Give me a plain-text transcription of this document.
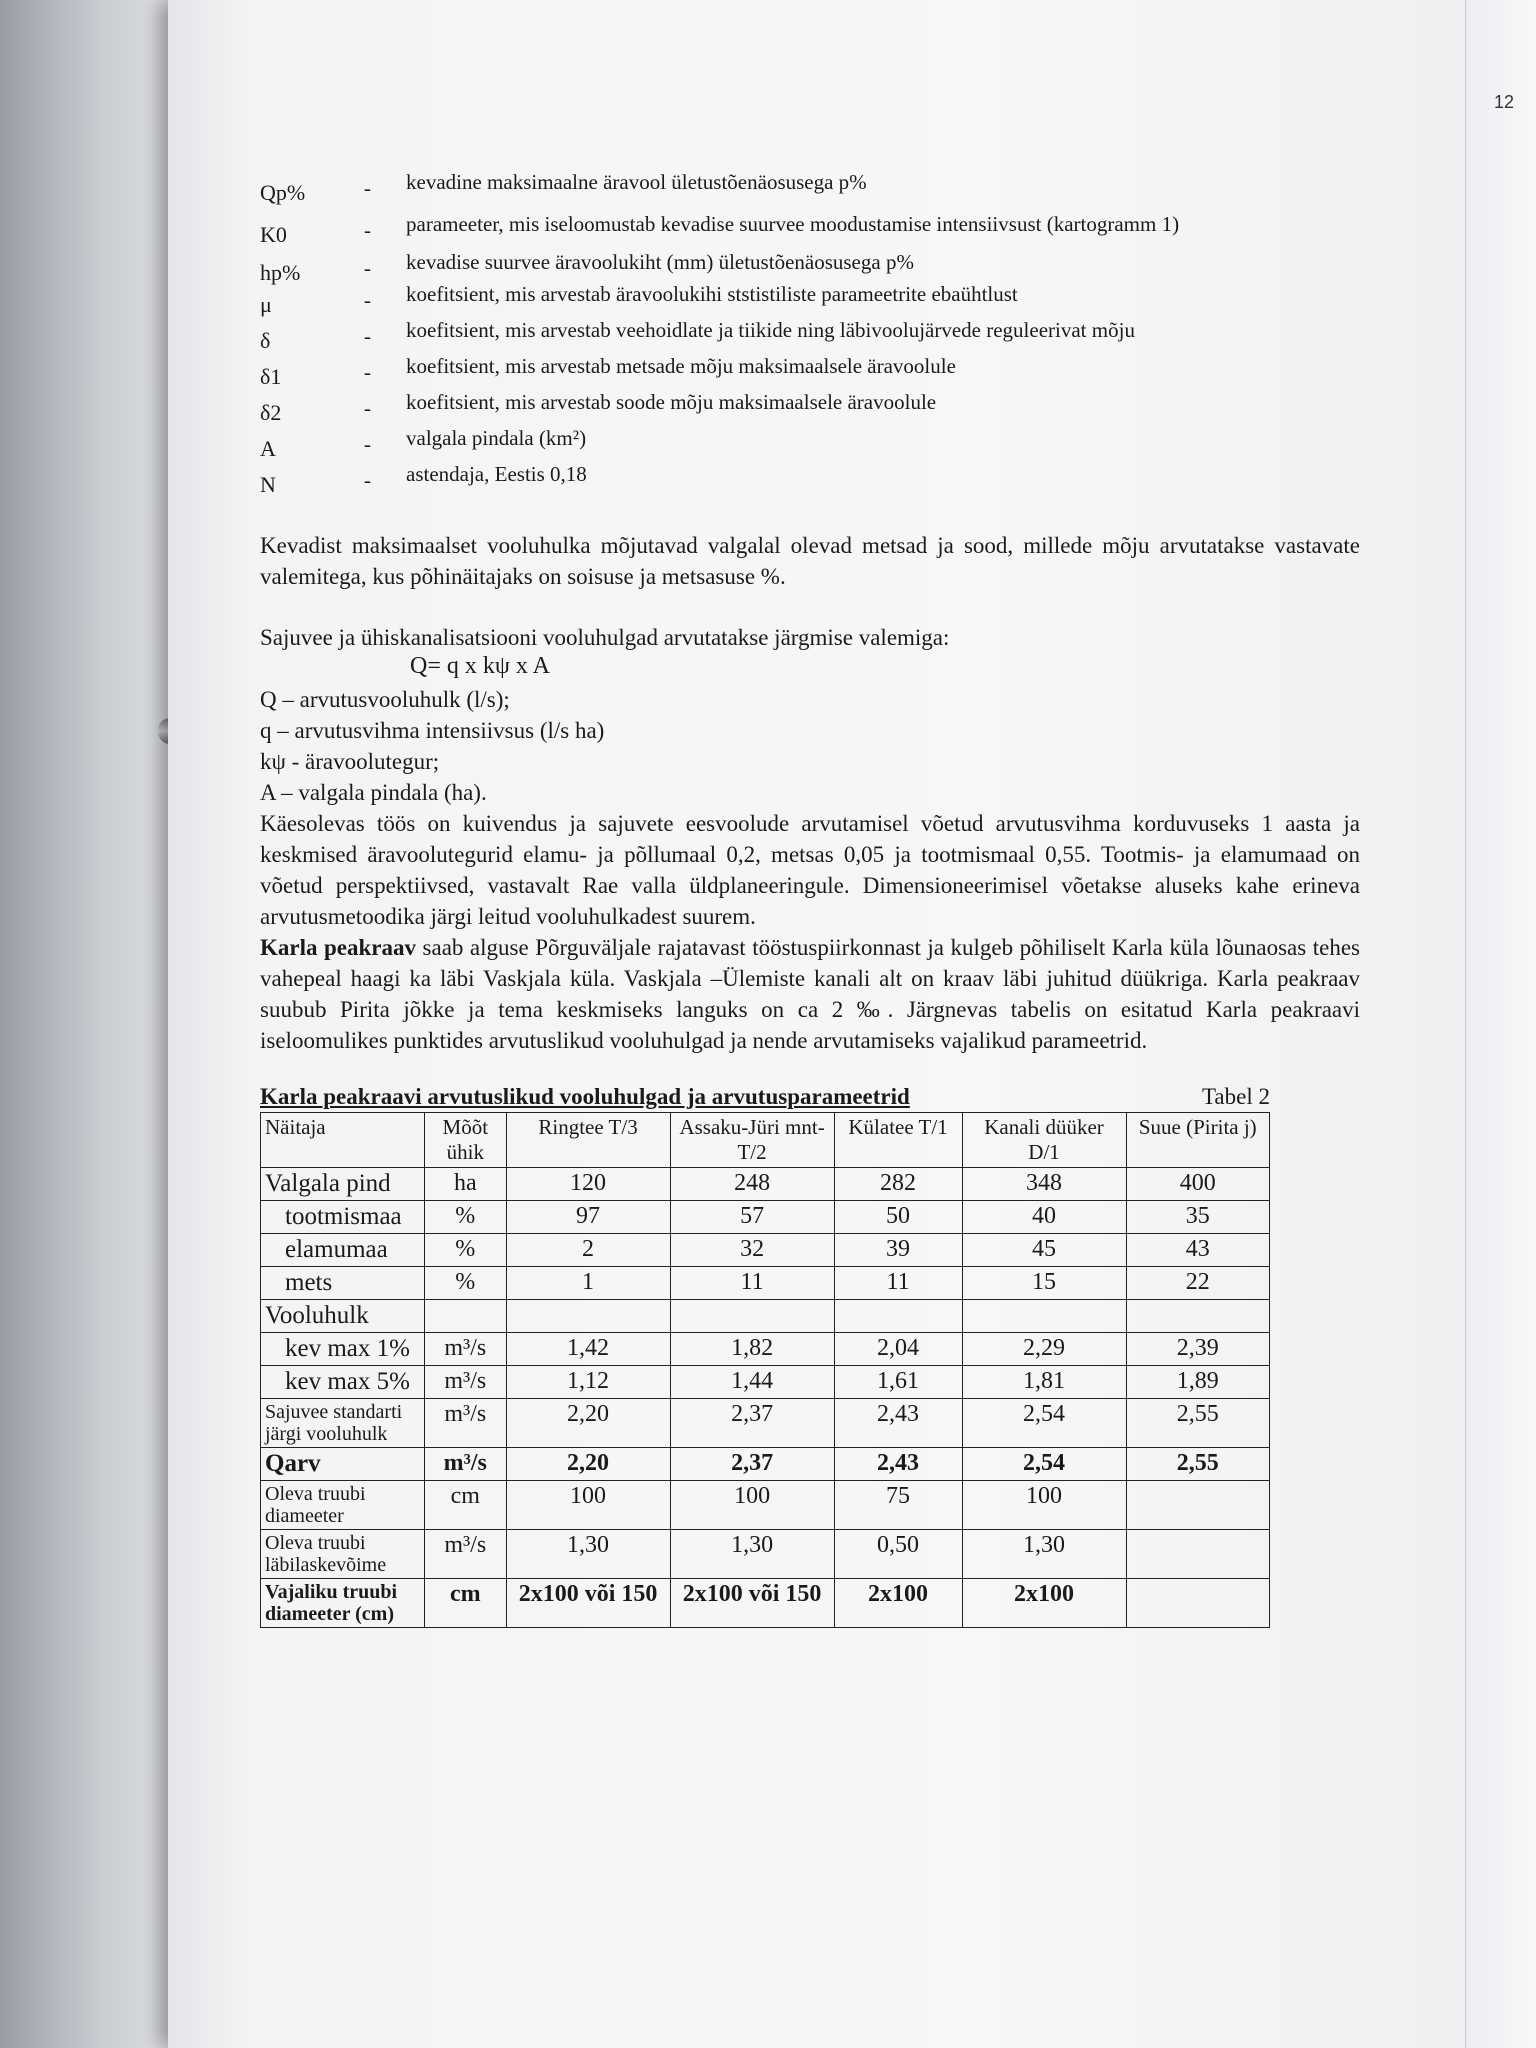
12
Qp%	-	kevadine maksimaalne äravool ületustõenäosusega p%
K0	-	parameeter, mis iseloomustab kevadise suurvee moodustamise intensiivsust (kartogramm 1)
hp%	-	kevadise suurvee äravoolukiht (mm) ületustõenäosusega p%
μ	-	koefitsient, mis arvestab äravoolukihi ststistiliste parameetrite ebaühtlust
δ	-	koefitsient, mis arvestab veehoidlate ja tiikide ning läbivoolujärvede reguleerivat mõju
δ1	-	koefitsient, mis arvestab metsade mõju maksimaalsele äravoolule
δ2	-	koefitsient, mis arvestab soode mõju maksimaalsele äravoolule
A	-	valgala pindala (km²)
N	-	astendaja, Eestis 0,18

Kevadist maksimaalset vooluhulka mõjutavad valgalal olevad metsad ja sood, millede mõju arvutatakse vastavate valemitega, kus põhinäitajaks on soisuse ja metsasuse %.

Sajuvee ja ühiskanalisatsiooni vooluhulgad arvutatakse järgmise valemiga:

Q= q x kψ x A

Q – arvutusvooluhulk (l/s);

q – arvutusvihma intensiivsus (l/s ha)

kψ - äravoolutegur;

A – valgala pindala (ha).

Käesolevas töös on kuivendus ja sajuvete eesvoolude arvutamisel võetud arvutusvihma korduvuseks 1 aasta ja keskmised äravoolutegurid elamu- ja põllumaal 0,2, metsas 0,05 ja tootmismaal 0,55. Tootmis- ja elamumaad on võetud perspektiivsed, vastavalt Rae valla üldplaneeringule. Dimensioneerimisel võetakse aluseks kahe erineva arvutusmetoodika järgi leitud vooluhulkadest suurem.

Karla peakraav saab alguse Põrguväljale rajatavast tööstuspiirkonnast ja kulgeb põhiliselt Karla küla lõunaosas tehes vahepeal haagi ka läbi Vaskjala küla. Vaskjala –Ülemiste kanali alt on kraav läbi juhitud düükriga. Karla peakraav suubub Pirita jõkke ja tema keskmiseks languks on ca 2 ‰. Järgnevas tabelis on esitatud Karla peakraavi iseloomulikes punktides arvutuslikud vooluhulgad ja nende arvutamiseks vajalikud parameetrid.

Karla peakraavi arvutuslikud vooluhulgad ja arvutusparameetrid	Tabel 2
Näitaja	Mõõt ühik	Ringtee T/3	Assaku-Jüri mnt-T/2	Külatee T/1	Kanali düüker D/1	Suue (Pirita j)
Valgala pind	ha	120	248	282	348	400
tootmismaa	%	97	57	50	40	35
elamumaa	%	2	32	39	45	43
mets	%	1	11	11	15	22
Vooluhulk						
kev max 1%	m³/s	1,42	1,82	2,04	2,29	2,39
kev max 5%	m³/s	1,12	1,44	1,61	1,81	1,89
Sajuvee standarti järgi vooluhulk	m³/s	2,20	2,37	2,43	2,54	2,55
Qarv	m³/s	2,20	2,37	2,43	2,54	2,55
Oleva truubi diameeter	cm	100	100	75	100	
Oleva truubi läbilaskevõime	m³/s	1,30	1,30	0,50	1,30	
Vajaliku truubi diameeter (cm)	cm	2x100 või 150	2x100 või 150	2x100	2x100	
